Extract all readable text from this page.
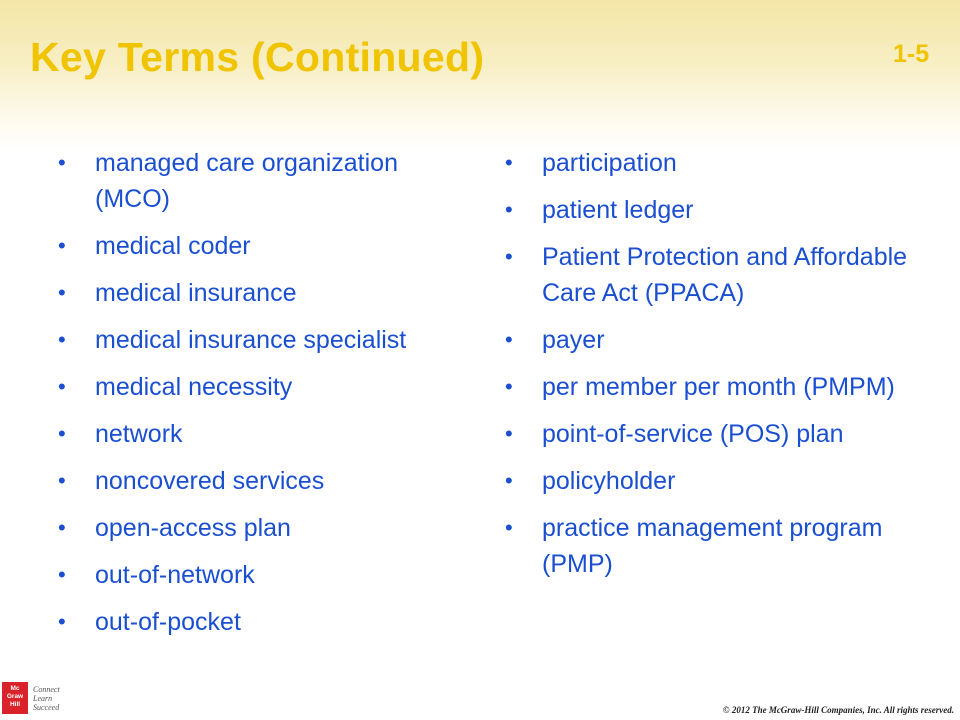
Key Terms (Continued)	1-5
• managed care organization (MCO)
• medical coder
• medical insurance
• medical insurance specialist
• medical necessity
• network
• noncovered services
• open-access plan
• out-of-network
• out-of-pocket
• participation
• patient ledger
• Patient Protection and Affordable Care Act (PPACA)
• payer
• per member per month (PMPM)
• point-of-service (POS) plan
• policyholder
• practice management program (PMP)
Mc
Graw
Hill
Connect
Learn
Succeed	© 2012 The McGraw-Hill Companies, Inc. All rights reserved.
